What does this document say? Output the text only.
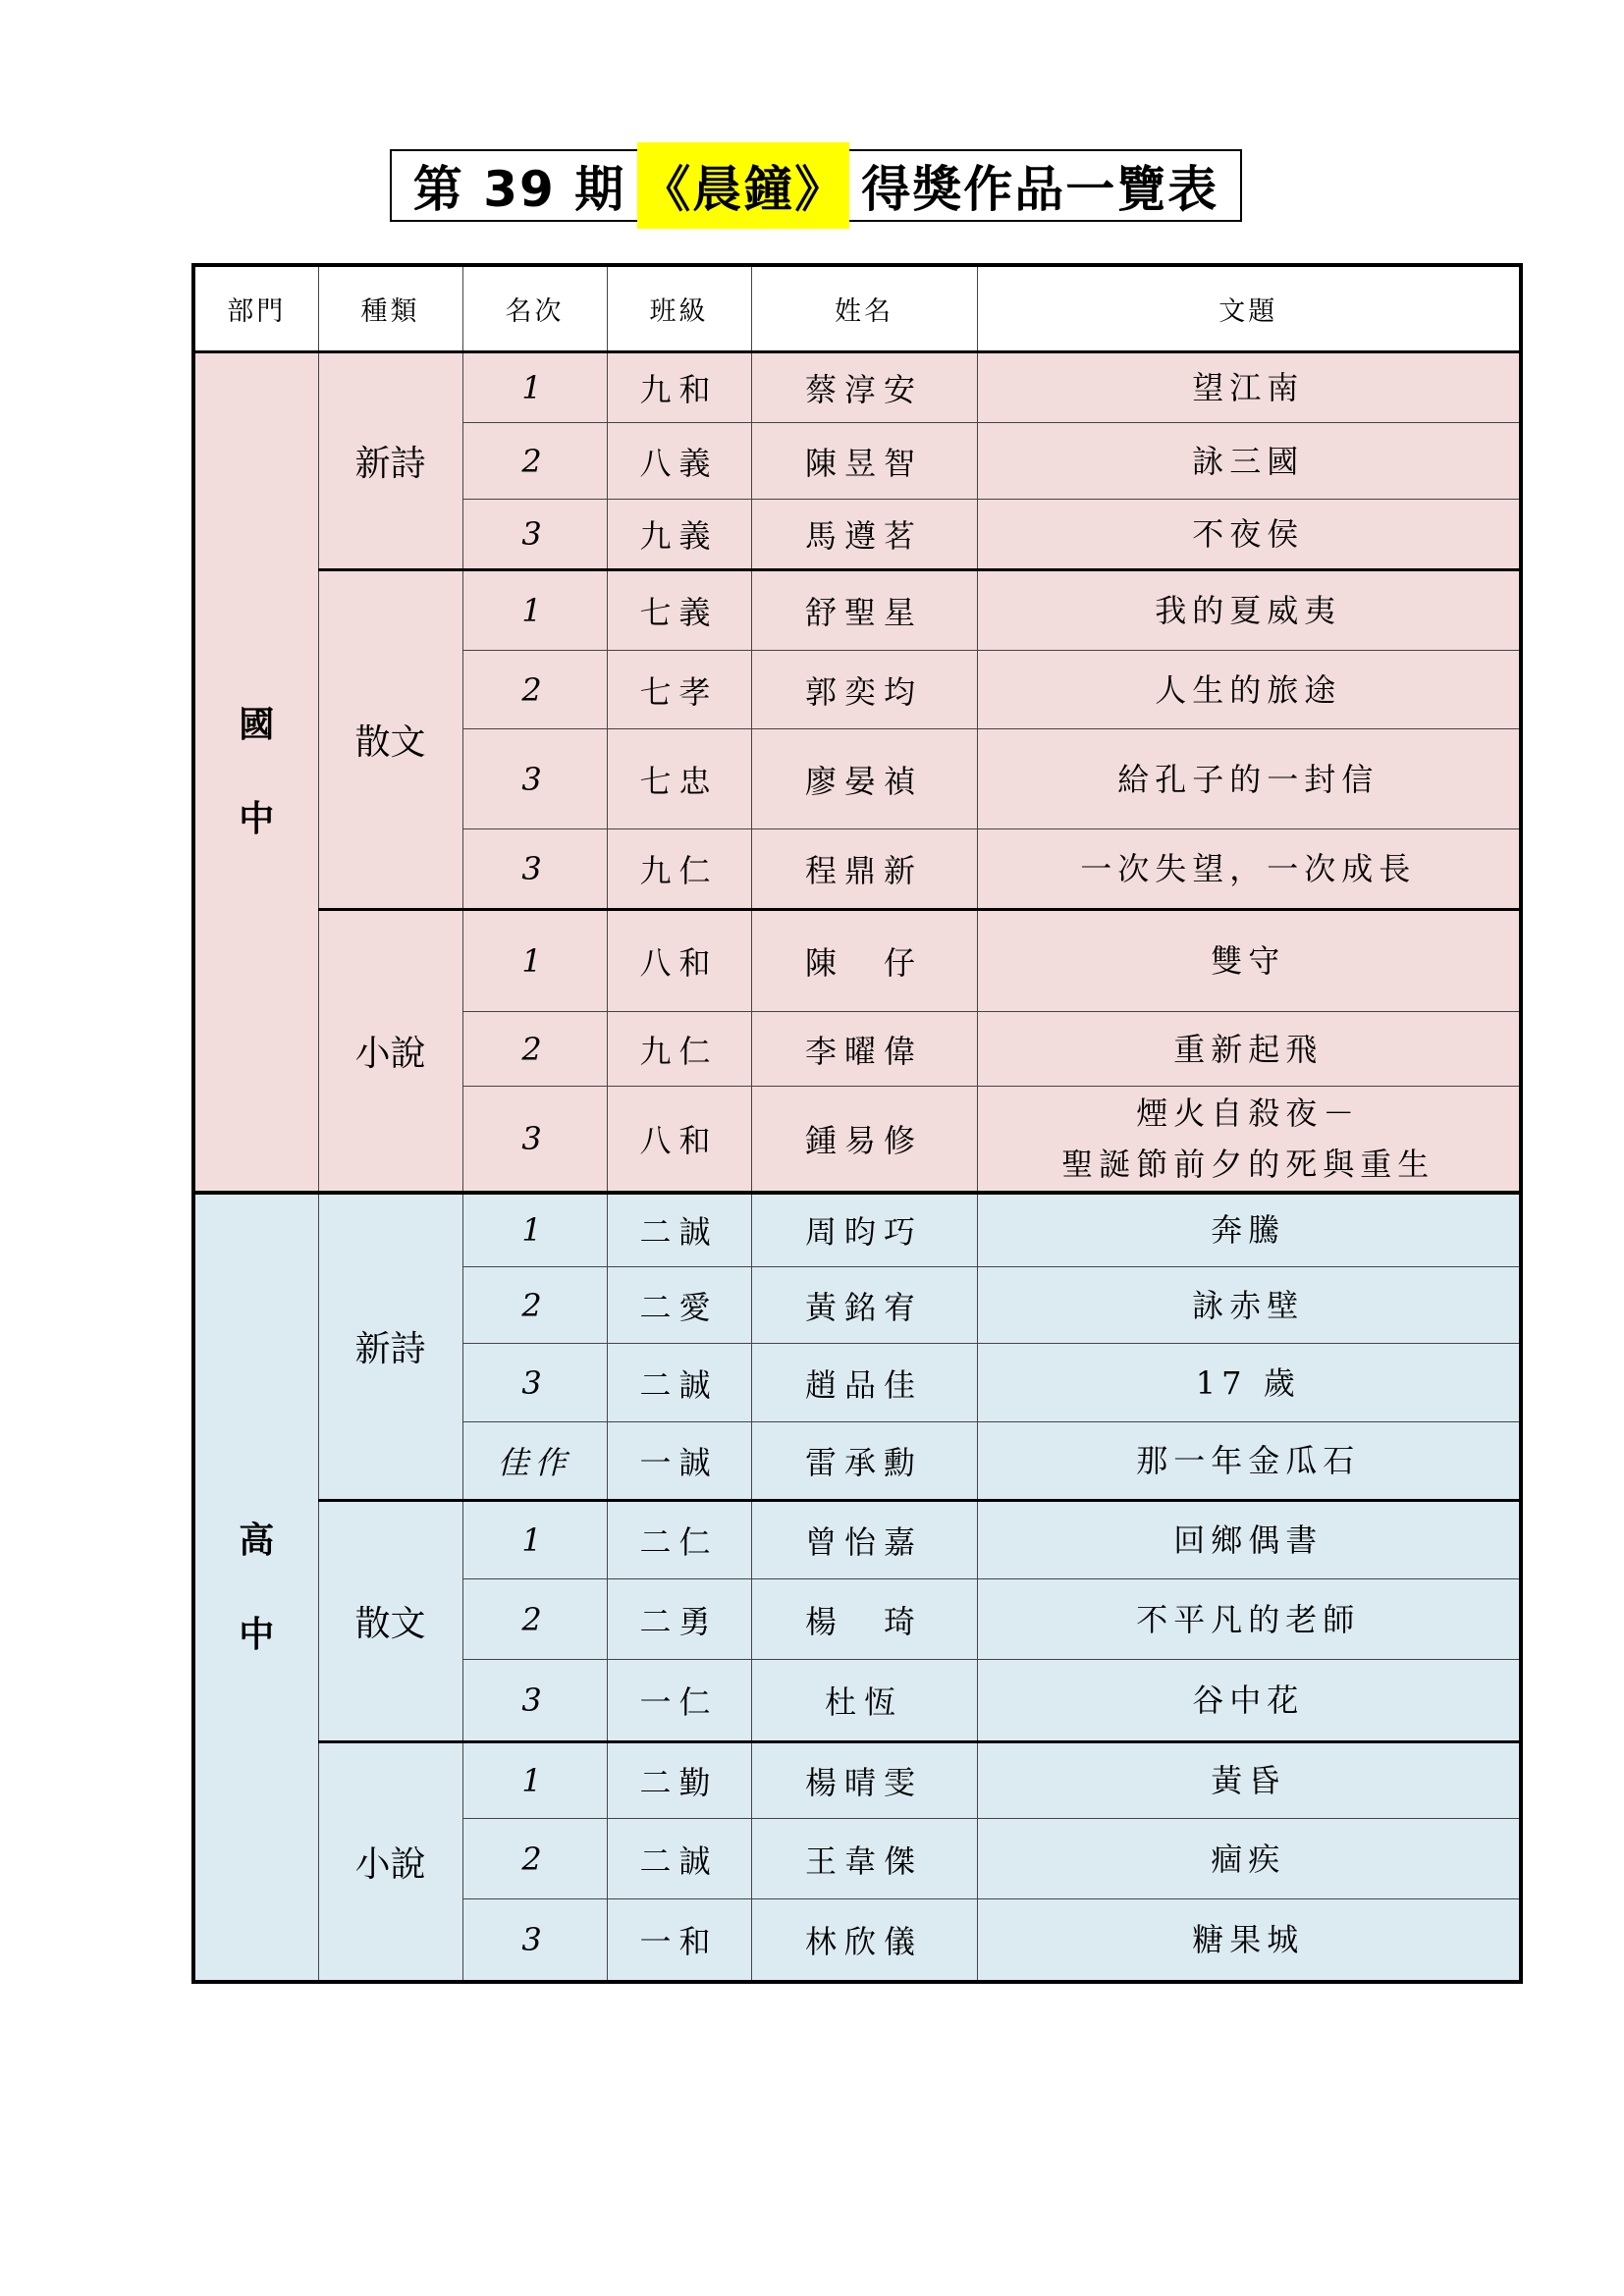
第 39 期 《晨鐘》 得獎作品一覽表
部門	種類	名次	班級	姓名	文題

國
中	新詩	1	九和	蔡淳安	望江南

		2	八義	陳昱智	詠三國

		3	九義	馬遵茗	不夜侯

	散文	1	七義	舒聖星	我的夏威夷

		2	七孝	郭奕均	人生的旅途

		3	七忠	廖晏禎	給孔子的一封信

		3	九仁	程鼎新	一次失望，一次成長

	小說	1	八和	陳　仔	雙守

		2	九仁	李曜偉	重新起飛

		3	八和	鍾易修	煙火自殺夜－
聖誕節前夕的死與重生

高
中	新詩	1	二誠	周昀巧	奔騰

		2	二愛	黃銘宥	詠赤壁

		3	二誠	趙品佳	17 歲

		佳作	一誠	雷承勳	那一年金瓜石

	散文	1	二仁	曾怡嘉	回鄉偶書

		2	二勇	楊　琦	不平凡的老師

		3	一仁	杜恆	谷中花

	小說	1	二勤	楊晴雯	黃昏

		2	二誠	王韋傑	痼疾

		3	一和	林欣儀	糖果城
